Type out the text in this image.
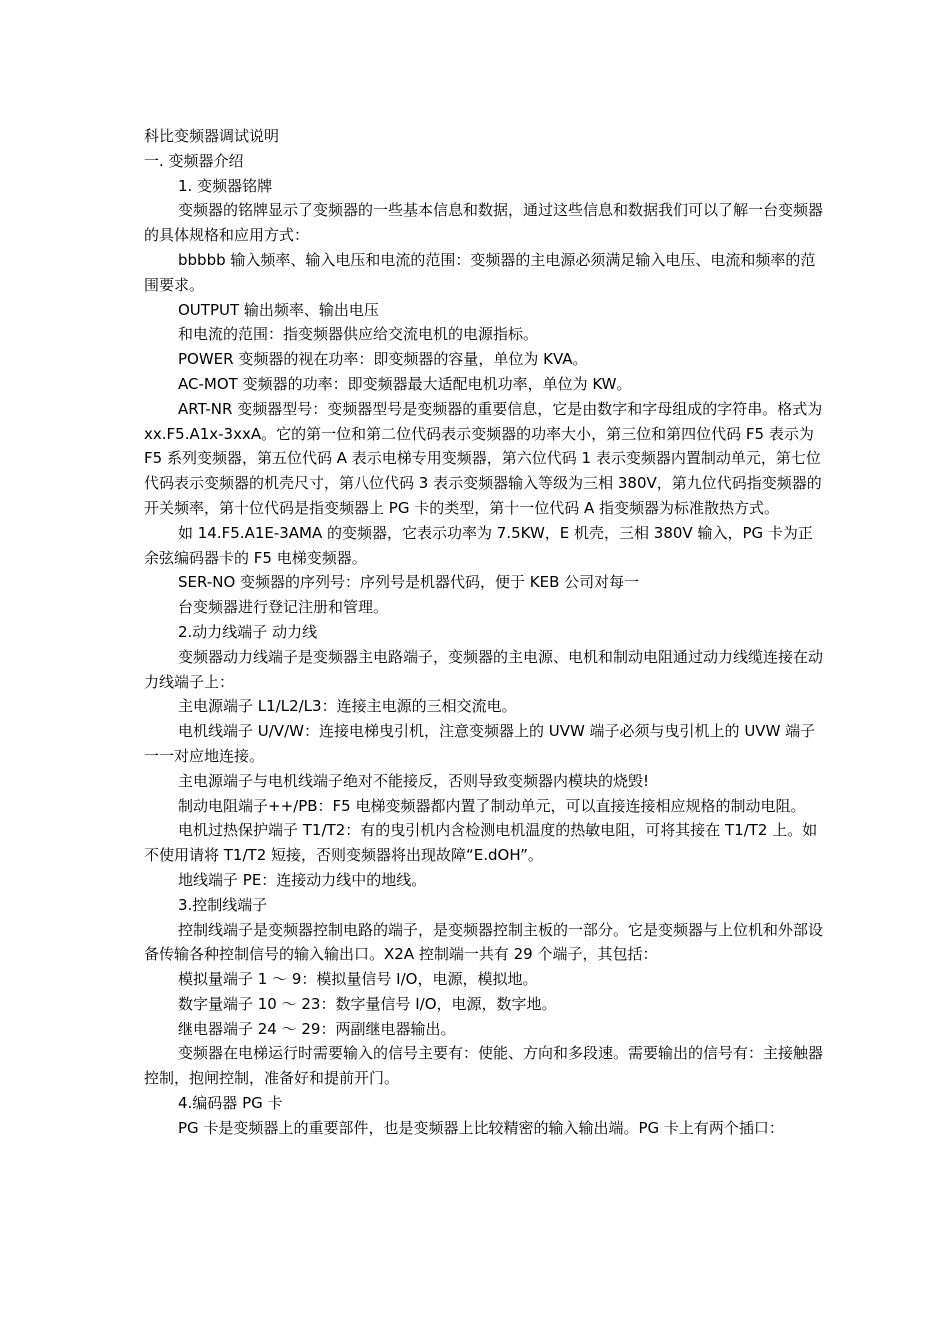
科比变频器调试说明

一. 变频器介绍

1. 变频器铭牌

变频器的铭牌显示了变频器的一些基本信息和数据，通过这些信息和数据我们可以了解一台变频器的具体规格和应用方式：

bbbbb 输入频率、输入电压和电流的范围：变频器的主电源必须满足输入电压、电流和频率的范围要求。

OUTPUT 输出频率、输出电压

和电流的范围：指变频器供应给交流电机的电源指标。

POWER 变频器的视在功率：即变频器的容量，单位为 KVA。

AC-MOT 变频器的功率：即变频器最大适配电机功率，单位为 KW。

ART-NR 变频器型号：变频器型号是变频器的重要信息，它是由数字和字母组成的字符串。格式为 xx.F5.A1x-3xxA。它的第一位和第二位代码表示变频器的功率大小，第三位和第四位代码 F5 表示为 F5 系列变频器，第五位代码 A 表示电梯专用变频器，第六位代码 1 表示变频器内置制动单元，第七位代码表示变频器的机壳尺寸，第八位代码 3 表示变频器输入等级为三相 380V，第九位代码指变频器的开关频率，第十位代码是指变频器上 PG 卡的类型，第十一位代码 A 指变频器为标准散热方式。

如 14.F5.A1E-3AMA 的变频器，它表示功率为 7.5KW，E 机壳，三相 380V 输入，PG 卡为正余弦编码器卡的 F5 电梯变频器。

SER-NO 变频器的序列号：序列号是机器代码，便于 KEB 公司对每一

台变频器进行登记注册和管理。

2.动力线端子 动力线

变频器动力线端子是变频器主电路端子，变频器的主电源、电机和制动电阻通过动力线缆连接在动力线端子上：

主电源端子 L1/L2/L3：连接主电源的三相交流电。

电机线端子 U/V/W：连接电梯曳引机，注意变频器上的 UVW 端子必须与曳引机上的 UVW 端子一一对应地连接。

主电源端子与电机线端子绝对不能接反，否则导致变频器内模块的烧毁!

制动电阻端子++/PB：F5 电梯变频器都内置了制动单元，可以直接连接相应规格的制动电阻。

电机过热保护端子 T1/T2：有的曳引机内含检测电机温度的热敏电阻，可将其接在 T1/T2 上。如不使用请将 T1/T2 短接，否则变频器将出现故障“E.dOH”。

地线端子 PE：连接动力线中的地线。

3.控制线端子

控制线端子是变频器控制电路的端子，是变频器控制主板的一部分。它是变频器与上位机和外部设备传输各种控制信号的输入输出口。X2A 控制端一共有 29 个端子，其包括：

模拟量端子 1 ～ 9：模拟量信号 I/O，电源，模拟地。

数字量端子 10 ～ 23：数字量信号 I/O，电源，数字地。

继电器端子 24 ～ 29：两副继电器输出。

变频器在电梯运行时需要输入的信号主要有：使能、方向和多段速。需要输出的信号有：主接触器控制，抱闸控制，准备好和提前开门。

4.编码器 PG 卡

PG 卡是变频器上的重要部件，也是变频器上比较精密的输入输出端。PG 卡上有两个插口：
